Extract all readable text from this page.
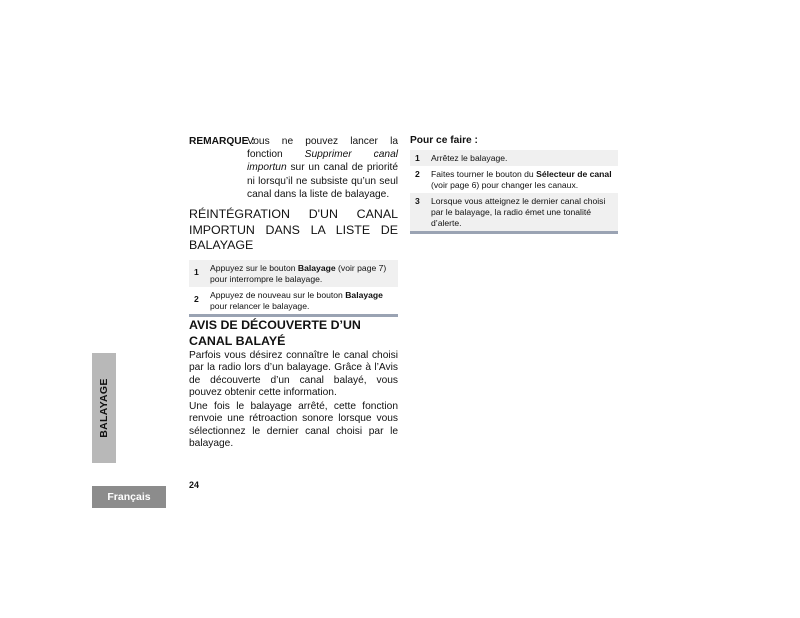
REMARQUE :
Vous ne pouvez lancer la
fonction Supprimer canal
importun sur un canal de priorité ni lorsqu’il ne subsiste qu’un seul canal dans la liste de balayage.
RÉINTÉGRATION D'UN CANAL
IMPORTUN DANS LA LISTE DE
BALAYAGE
1	Appuyez sur le bouton Balayage (voir page 7) pour interrompre le balayage.
2	Appuyez de nouveau sur le bouton Balayage pour relancer le balayage.
AVIS DE DÉCOUVERTE D’UN
CANAL BALAYÉ

Parfois vous désirez connaître le canal choisi par la radio lors d’un balayage. Grâce à l’Avis de découverte d’un canal balayé, vous pouvez obtenir cette information.

Une fois le balayage arrêté, cette fonction renvoie une rétroaction sonore lorsque vous sélectionnez le dernier canal choisi par le balayage.

Pour ce faire :
1	Arrêtez le balayage.
2	Faites tourner le bouton du Sélecteur de canal (voir page 6) pour changer les canaux.
3	Lorsque vous atteignez le dernier canal choisi par le balayage, la radio émet une tonalité d’alerte.
BALAYAGE
24
Français
